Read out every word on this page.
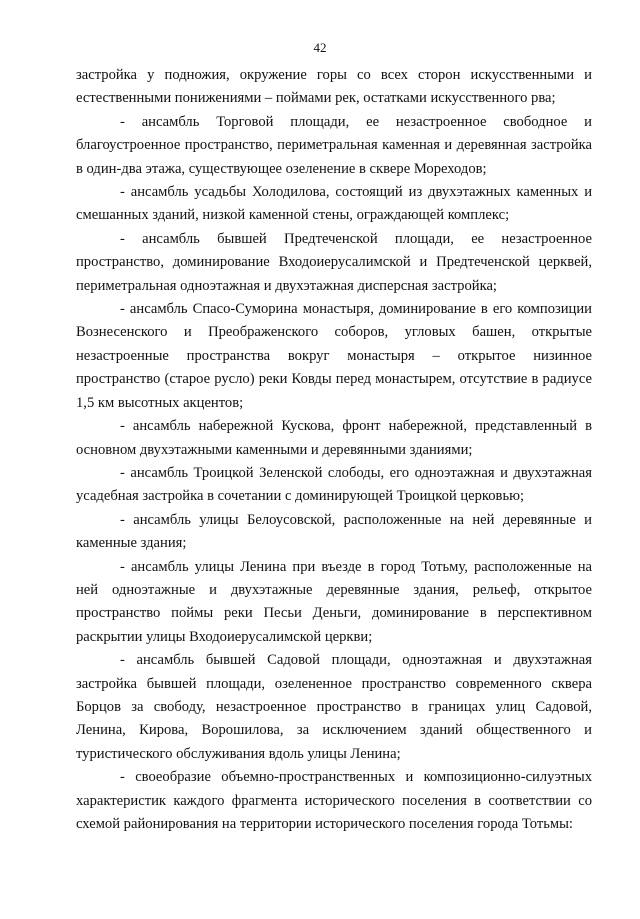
42

застройка у подножия, окружение горы со всех сторон искусственными и естественными понижениями – поймами рек, остатками искусственного рва;

- ансамбль Торговой площади, ее незастроенное свободное и благоустроенное пространство, периметральная каменная и деревянная застройка в один-два этажа, существующее озеленение в сквере Мореходов;

- ансамбль усадьбы Холодилова, состоящий из двухэтажных каменных и смешанных зданий, низкой каменной стены, ограждающей комплекс;

- ансамбль бывшей Предтеченской площади, ее незастроенное пространство, доминирование Входоиерусалимской и Предтеченской церквей, периметральная одноэтажная и двухэтажная дисперсная застройка;

- ансамбль Спасо-Суморина монастыря, доминирование в его композиции Вознесенского и Преображенского соборов, угловых башен, открытые незастроенные пространства вокруг монастыря – открытое низинное пространство (старое русло) реки Ковды перед монастырем, отсутствие в радиусе 1,5 км высотных акцентов;

- ансамбль набережной Кускова, фронт набережной, представленный в основном двухэтажными каменными и деревянными зданиями;

- ансамбль Троицкой Зеленской слободы, его одноэтажная и двухэтажная усадебная застройка в сочетании с доминирующей Троицкой церковью;

- ансамбль улицы Белоусовской, расположенные на ней деревянные и каменные здания;

- ансамбль улицы Ленина при въезде в город Тотьму, расположенные на ней одноэтажные и двухэтажные деревянные здания, рельеф, открытое пространство поймы реки Песьи Деньги, доминирование в перспективном раскрытии улицы Входоиерусалимской церкви;

- ансамбль бывшей Садовой площади, одноэтажная и двухэтажная застройка бывшей площади, озелененное пространство современного сквера Борцов за свободу, незастроенное пространство в границах улиц Садовой, Ленина, Кирова, Ворошилова, за исключением зданий общественного и туристического обслуживания вдоль улицы Ленина;

- своеобразие объемно-пространственных и композиционно-силуэтных характеристик каждого фрагмента исторического поселения в соответствии со схемой районирования на территории исторического поселения города Тотьмы:
